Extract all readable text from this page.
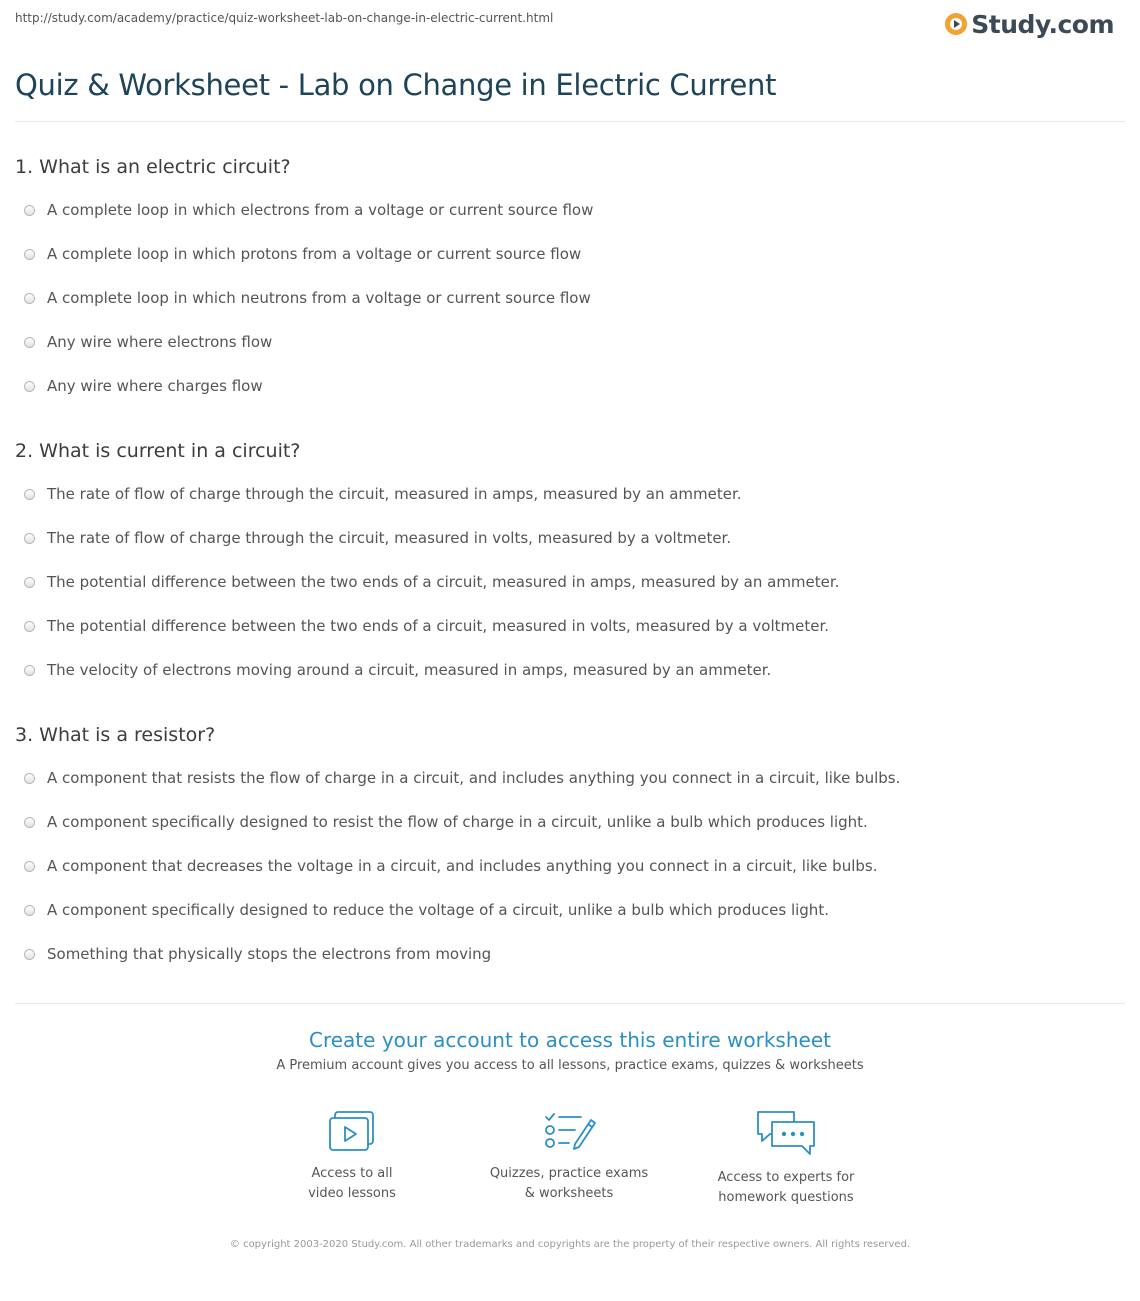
http://study.com/academy/practice/quiz-worksheet-lab-on-change-in-electric-current.html	Study.com
Quiz & Worksheet - Lab on Change in Electric Current
1. What is an electric circuit?
A complete loop in which electrons from a voltage or current source flow
A complete loop in which protons from a voltage or current source flow
A complete loop in which neutrons from a voltage or current source flow
Any wire where electrons flow
Any wire where charges flow
2. What is current in a circuit?
The rate of flow of charge through the circuit, measured in amps, measured by an ammeter.
The rate of flow of charge through the circuit, measured in volts, measured by a voltmeter.
The potential difference between the two ends of a circuit, measured in amps, measured by an ammeter.
The potential difference between the two ends of a circuit, measured in volts, measured by a voltmeter.
The velocity of electrons moving around a circuit, measured in amps, measured by an ammeter.
3. What is a resistor?
A component that resists the flow of charge in a circuit, and includes anything you connect in a circuit, like bulbs.
A component specifically designed to resist the flow of charge in a circuit, unlike a bulb which produces light.
A component that decreases the voltage in a circuit, and includes anything you connect in a circuit, like bulbs.
A component specifically designed to reduce the voltage of a circuit, unlike a bulb which produces light.
Something that physically stops the electrons from moving
Create your account to access this entire worksheet
A Premium account gives you access to all lessons, practice exams, quizzes & worksheets
Access to all
video lessons
Quizzes, practice exams
& worksheets
Access to experts for
homework questions
© copyright 2003-2020 Study.com. All other trademarks and copyrights are the property of their respective owners. All rights reserved.
